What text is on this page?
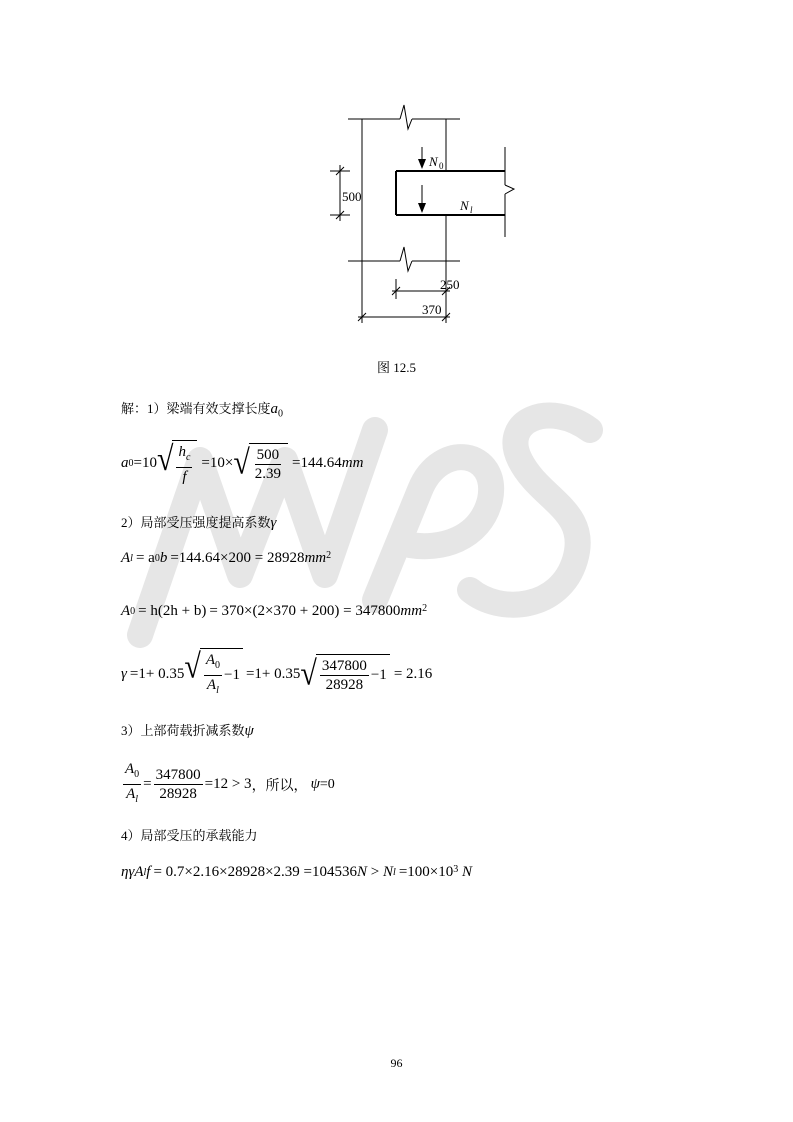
N 0
N l
500
250
370
图 12.5
解：1）梁端有效支撑长度$a_0$
a 0 =10 √ $\frac{h_c}{f} =10\times$ √ $\frac{500}{2.39} =144.64$ mm
2）局部受压强度提高系数γ
A l = a 0 b =144.64×200 = 28928 $mm^2$
A 0 = h (2h + b) = 370×(2×370 + 200) = 347800 $mm^2$
γ =1+ 0.35 √ $\frac{A_0}{A_l} -1 =1+ 0.35$ √ $\frac{347800}{28928} -1 = 2.16$
3）上部荷载折减系数ψ
$\frac{A_0}{A_l} = \frac{347800}{28928} =12 > 3$ ，所以， ψ =0
4）局部受压的承载能力
ηγA l f = 0.7×2.16×28928×2.39 =104536 N > N $l =100\times 10^3$ N
96
